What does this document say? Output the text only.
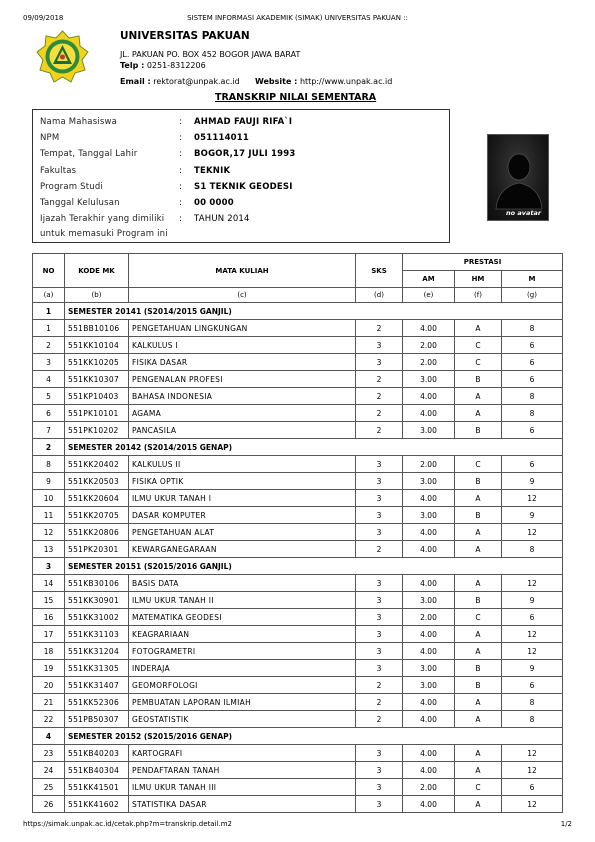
09/09/2018	SISTEM INFORMASI AKADEMIK (SIMAK) UNIVERSITAS PAKUAN ::
UNIVERSITAS PAKUAN
JL. PAKUAN PO. BOX 452 BOGOR JAWA BARAT
Telp : 0251-8312206
Email : rektorat@unpak.ac.id Website : http://www.unpak.ac.id
TRANSKRIP NILAI SEMENTARA
Nama Mahasiswa	: AHMAD FAUJI RIFA`I
NPM	: 051114011
Tempat, Tanggal Lahir	: BOGOR,17 JULI 1993
Fakultas	: TEKNIK
Program Studi	: S1 TEKNIK GEODESI
Tanggal Kelulusan	: 00 0000
Ijazah Terakhir yang dimiliki	: TAHUN 2014
untuk memasuki Program ini
no avatar
NO	KODE MK	MATA KULIAH	SKS	PRESTASI		
				AM	HM	M
(a)	(b)	(c)	(d)	(e)	(f)	(g)
1	SEMESTER 20141 (S2014/2015 GANJIL)					
1	551BB10106	PENGETAHUAN LINGKUNGAN	2	4.00	A	8
2	551KK10104	KALKULUS I	3	2.00	C	6
3	551KK10205	FISIKA DASAR	3	2.00	C	6
4	551KK10307	PENGENALAN PROFESI	2	3.00	B	6
5	551KP10403	BAHASA INDONESIA	2	4.00	A	8
6	551PK10101	AGAMA	2	4.00	A	8
7	551PK10202	PANCASILA	2	3.00	B	6
2	SEMESTER 20142 (S2014/2015 GENAP)					
8	551KK20402	KALKULUS II	3	2.00	C	6
9	551KK20503	FISIKA OPTIK	3	3.00	B	9
10	551KK20604	ILMU UKUR TANAH I	3	4.00	A	12
11	551KK20705	DASAR KOMPUTER	3	3.00	B	9
12	551KK20806	PENGETAHUAN ALAT	3	4.00	A	12
13	551PK20301	KEWARGANEGARAAN	2	4.00	A	8
3	SEMESTER 20151 (S2015/2016 GANJIL)					
14	551KB30106	BASIS DATA	3	4.00	A	12
15	551KK30901	ILMU UKUR TANAH II	3	3.00	B	9
16	551KK31002	MATEMATIKA GEODESI	3	2.00	C	6
17	551KK31103	KEAGRARIAAN	3	4.00	A	12
18	551KK31204	FOTOGRAMETRI	3	4.00	A	12
19	551KK31305	INDERAJA	3	3.00	B	9
20	551KK31407	GEOMORFOLOGI	2	3.00	B	6
21	551KK52306	PEMBUATAN LAPORAN ILMIAH	2	4.00	A	8
22	551PB50307	GEOSTATISTIK	2	4.00	A	8
4	SEMESTER 20152 (S2015/2016 GENAP)					
23	551KB40203	KARTOGRAFI	3	4.00	A	12
24	551KB40304	PENDAFTARAN TANAH	3	4.00	A	12
25	551KK41501	ILMU UKUR TANAH III	3	2.00	C	6
26	551KK41602	STATISTIKA DASAR	3	4.00	A	12
https://simak.unpak.ac.id/cetak.php?m=transkrip.detail.m2	1/2
